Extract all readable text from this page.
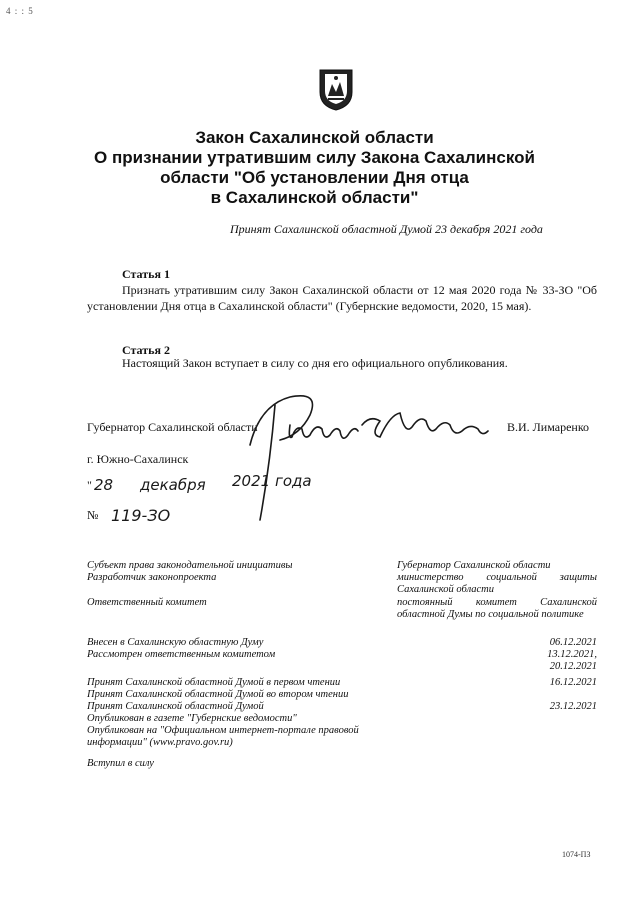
4 : : 5
Закон Сахалинской области
О признании утратившим силу Закона Сахалинской
области "Об установлении Дня отца
в Сахалинской области"
Принят Сахалинской областной Думой 23 декабря 2021 года
Статья 1
Признать утратившим силу Закон Сахалинской области от 12 мая 2020 года № 33-ЗО "Об установлении Дня отца в Сахалинской области" (Губернские ведомости, 2020, 15 мая).
Статья 2
Настоящий Закон вступает в силу со дня его официального опубликования.
Губернатор Сахалинской области	В.И. Лимаренко
г. Южно-Сахалинск
" 28 декабря 2021 года
№ 119-ЗО
Субъект права законодательной инициативы	Губернатор Сахалинской области
Разработчик законопроекта	министерство социальной защиты Сахалинской области
Ответственный комитет	постоянный комитет Сахалинской областной Думы по социальной политике
Внесен в Сахалинскую областную Думу	06.12.2021
Рассмотрен ответственным комитетом	13.12.2021,
20.12.2021
Принят Сахалинской областной Думой в первом чтении	16.12.2021
Принят Сахалинской областной Думой во втором чтении
Принят Сахалинской областной Думой	23.12.2021
Опубликован в газете "Губернские ведомости"
Опубликован на "Официальном интернет-портале правовой информации" (www.pravo.gov.ru)
Вступил в силу
1074-ПЗ
